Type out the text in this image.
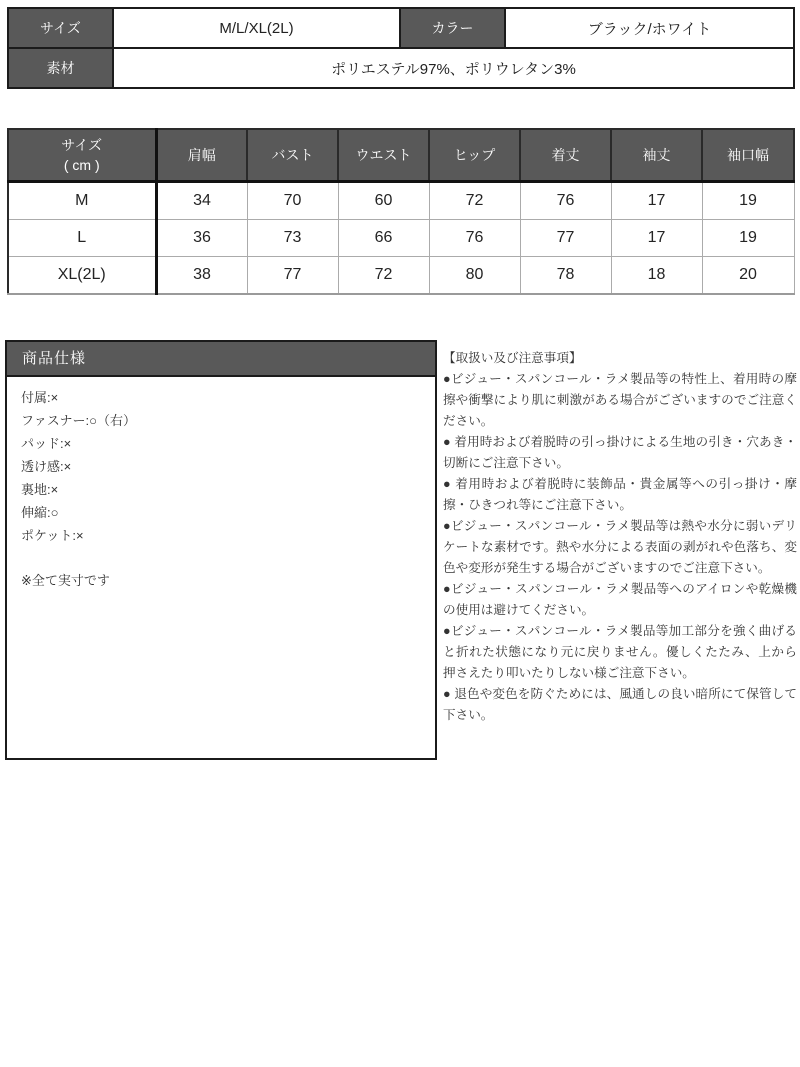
サイズ	M/L/XL(2L)	カラー	ブラック/ホワイト
素材	ポリエステル97%、ポリウレタン3%		
サイズ
( cm )	肩幅	バスト	ウエスト	ヒップ	着丈	袖丈	袖口幅
M	34	70	60	72	76	17	19
L	36	73	66	76	77	17	19
XL(2L)	38	77	72	80	78	18	20
商品仕様
付属:×
ファスナー:○（右）
パッド:×
透け感:×
裏地:×
伸縮:○
ポケット:×
※全て実寸です

【取扱い及び注意事項】

●ビジュー・スパンコール・ラメ製品等の特性上、着用時の摩擦や衝撃により肌に刺激がある場合がございますのでご注意ください。

● 着用時および着脱時の引っ掛けによる生地の引き・穴あき・切断にご注意下さい。

● 着用時および着脱時に装飾品・貴金属等への引っ掛け・摩擦・ひきつれ等にご注意下さい。

●ビジュー・スパンコール・ラメ製品等は熱や水分に弱いデリケートな素材です。熱や水分による表面の剥がれや色落ち、変色や変形が発生する場合がございますのでご注意下さい。

●ビジュー・スパンコール・ラメ製品等へのアイロンや乾燥機の使用は避けてください。

●ビジュー・スパンコール・ラメ製品等加工部分を強く曲げると折れた状態になり元に戻りません。優しくたたみ、上から押さえたり叩いたりしない様ご注意下さい。

● 退色や変色を防ぐためには、風通しの良い暗所にて保管して下さい。
